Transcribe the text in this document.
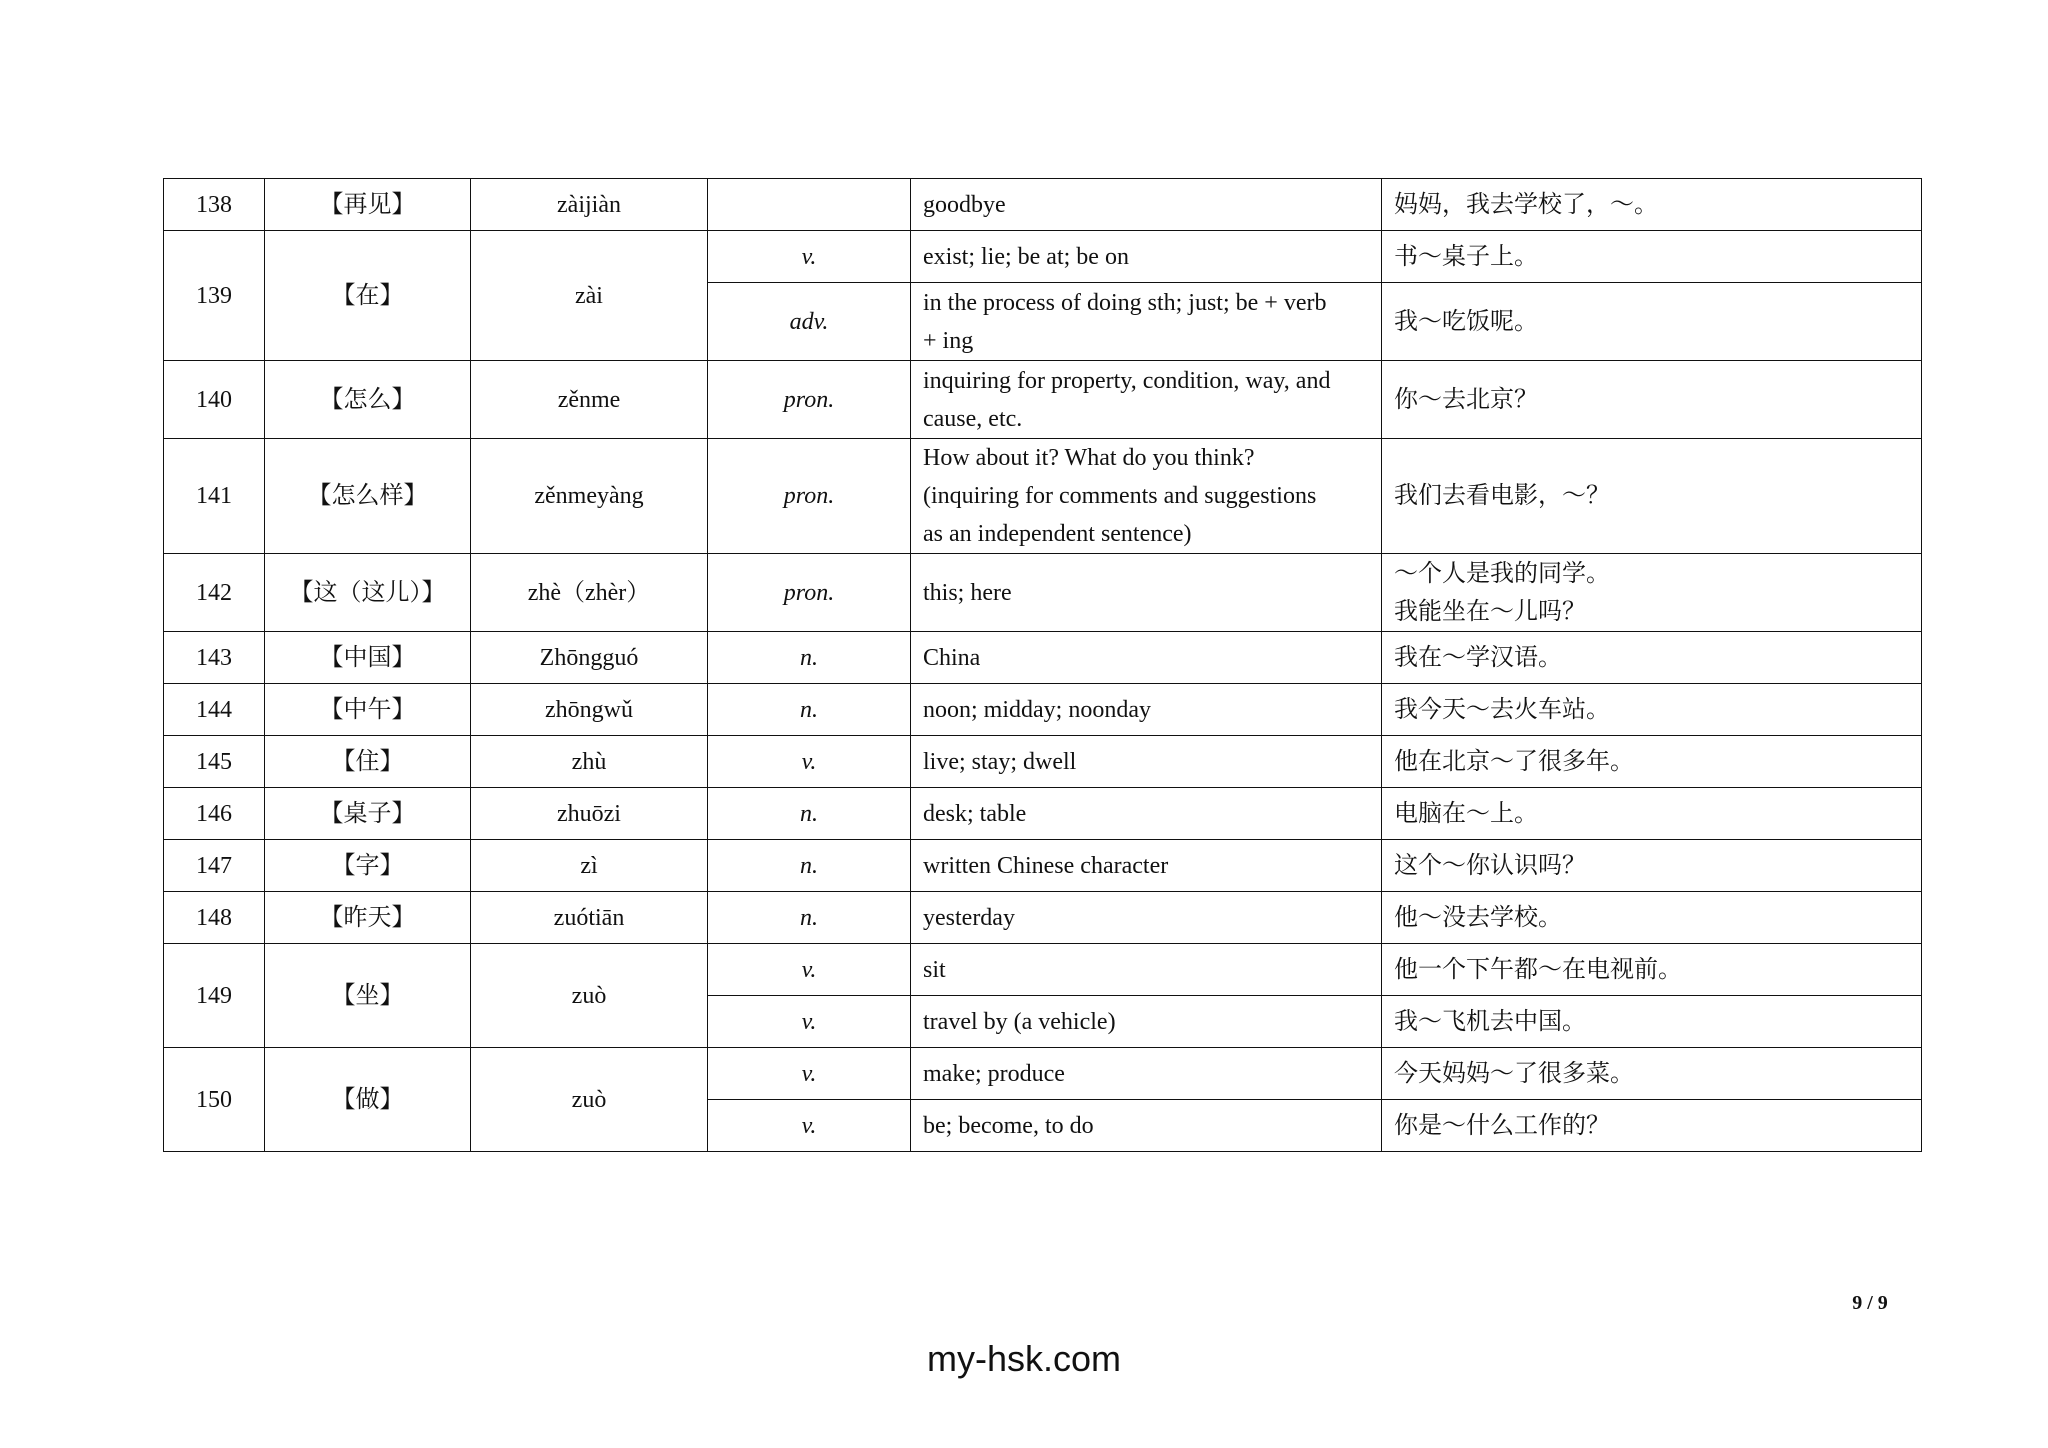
138	【再见】	zàijiàn		goodbye	妈妈，我去学校了，～。
139	【在】	zài	v.	exist; lie; be at; be on	书～桌子上。
			adv.	in the process of doing sth; just; be + verb
+ ing	我～吃饭呢。
140	【怎么】	zěnme	pron.	inquiring for property, condition, way, and
cause, etc.	你～去北京？
141	【怎么样】	zěnmeyàng	pron.	How about it? What do you think?
(inquiring for comments and suggestions
as an independent sentence)	我们去看电影，～？
142	【这（这儿）】	zhè（zhèr）	pron.	this; here	～个人是我的同学。
我能坐在～儿吗？
143	【中国】	Zhōngguó	n.	China	我在～学汉语。
144	【中午】	zhōngwǔ	n.	noon; midday; noonday	我今天～去火车站。
145	【住】	zhù	v.	live; stay; dwell	他在北京～了很多年。
146	【桌子】	zhuōzi	n.	desk; table	电脑在～上。
147	【字】	zì	n.	written Chinese character	这个～你认识吗？
148	【昨天】	zuótiān	n.	yesterday	他～没去学校。
149	【坐】	zuò	v.	sit	他一个下午都～在电视前。
			v.	travel by (a vehicle)	我～飞机去中国。
150	【做】	zuò	v.	make; produce	今天妈妈～了很多菜。
			v.	be; become, to do	你是～什么工作的？
9 / 9
my-hsk.com
